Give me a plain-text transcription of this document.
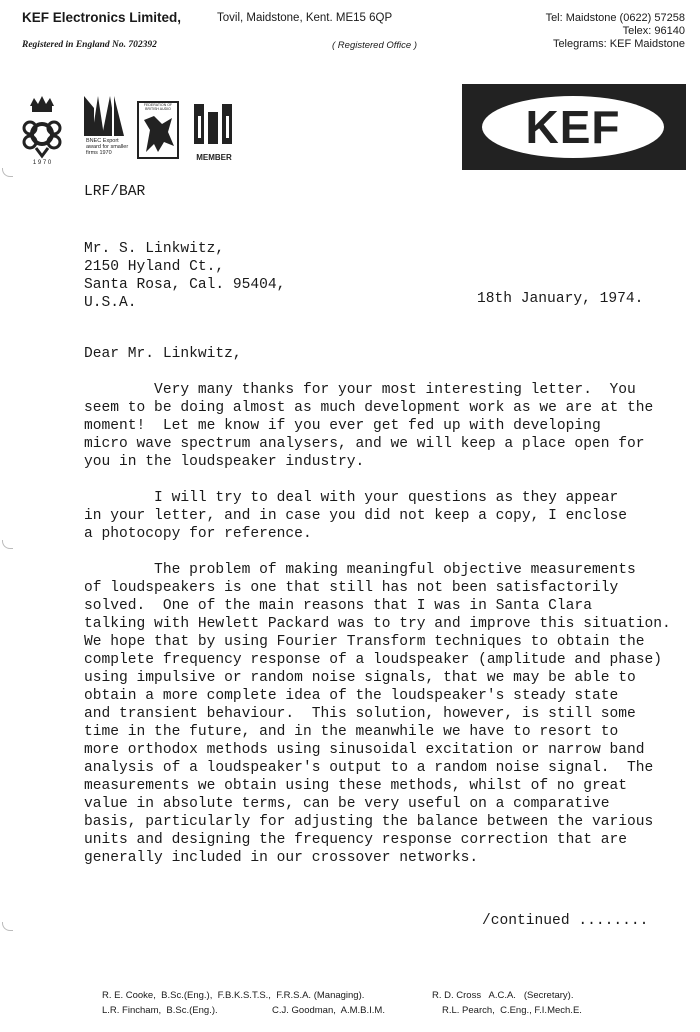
KEF Electronics Limited,	Tovil, Maidstone, Kent. ME15 6QP	Tel: Maidstone (0622) 57258
Telex: 96140
Telegrams: KEF Maidstone
Registered in England No. 702392	( Registered Office )
1 9 7 0
BNEC Export award for smaller firms 1970
FEDERATION OF BRITISH AUDIO
MEMBER
KEF
LRF/BAR
Mr. S. Linkwitz,
2150 Hyland Ct.,
Santa Rosa, Cal. 95404,
U.S.A.	18th January, 1974.
Dear Mr. Linkwitz,
Very many thanks for your most interesting letter.  You
seem to be doing almost as much development work as we are at the
moment!  Let me know if you ever get fed up with developing
micro wave spectrum analysers, and we will keep a place open for
you in the loudspeaker industry.
I will try to deal with your questions as they appear
in your letter, and in case you did not keep a copy, I enclose
a photocopy for reference.
The problem of making meaningful objective measurements
of loudspeakers is one that still has not been satisfactorily
solved.  One of the main reasons that I was in Santa Clara
talking with Hewlett Packard was to try and improve this situation.
We hope that by using Fourier Transform techniques to obtain the
complete frequency response of a loudspeaker (amplitude and phase)
using impulsive or random noise signals, that we may be able to
obtain a more complete idea of the loudspeaker's steady state
and transient behaviour.  This solution, however, is still some
time in the future, and in the meanwhile we have to resort to
more orthodox methods using sinusoidal excitation or narrow band
analysis of a loudspeaker's output to a random noise signal.  The
measurements we obtain using these methods, whilst of no great
value in absolute terms, can be very useful on a comparative
basis, particularly for adjusting the balance between the various
units and designing the frequency response correction that are
generally included in our crossover networks.
/continued ........
R. E. Cooke,  B.Sc.(Eng.),  F.B.K.S.T.S.,  F.R.S.A. (Managing).	R. D. Cross   A.C.A.   (Secretary).
L.R. Fincham,  B.Sc.(Eng.).	C.J. Goodman,  A.M.B.I.M.	R.L. Pearch,  C.Eng., F.I.Mech.E.
